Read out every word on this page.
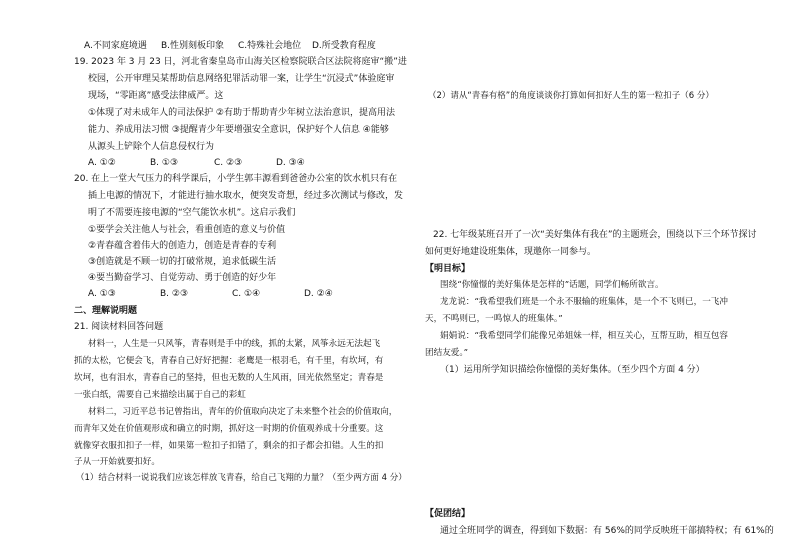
A.不同家庭境遇 B.性别刻板印象 C.特殊社会地位 D.所受教育程度
19. 2023 年 3 月 23 日，河北省秦皇岛市山海关区检察院联合区法院将庭审“搬”进
校园，公开审理吴某帮助信息网络犯罪活动罪一案，让学生“沉浸式”体验庭审
现场，“零距离”感受法律威严。这
①体现了对未成年人的司法保护 ②有助于帮助青少年树立法治意识，提高用法
能力、养成用法习惯 ③提醒青少年要增强安全意识，保护好个人信息 ④能够
从源头上铲除个人信息侵权行为
A. ①②	B. ①③	C. ②③	D. ③④
20. 在上一堂大气压力的科学课后，小学生郭丰源看到爸爸办公室的饮水机只有在
插上电源的情况下，才能进行抽水取水，便突发奇想，经过多次测试与修改，发
明了不需要连接电源的“空气能饮水机”。这启示我们
①要学会关注他人与社会，看重创造的意义与价值
②青春蕴含着伟大的创造力，创造是青春的专利
③创造就是不顾一切的打破常规，追求低碳生活
④要当勤奋学习、自觉劳动、勇于创造的好少年
A. ①③	B. ②③	C. ①④	D. ②④
二、理解说明题
21. 阅读材料回答问题
材料一，人生是一只风筝，青春则是手中的线，抓的太紧，风筝永远无法起飞
抓的太松，它便会飞，青春自己好好把握：老鹰是一根羽毛，有千里，有坎坷，有
坎坷，也有泪水，青春自己的坚持，但也无数的人生风雨，回光依然坚定；青春是
一张白纸，需要自己来描绘出属于自己的彩虹
材料二，习近平总书记曾指出，青年的价值取向决定了未来整个社会的价值取向，
而青年又处在价值观形成和确立的时期，抓好这一时期的价值观养成十分重要。这
就像穿衣服扣扣子一样，如果第一粒扣子扣错了，剩余的扣子都会扣错。人生的扣
子从一开始就要扣好。
（1）结合材料一说说我们应该怎样放飞青春，给自己飞翔的力量？（至少两方面 4 分）
（2）请从“青春有格”的角度谈谈你打算如何扣好人生的第一粒扣子（6 分）
22. 七年级某班召开了一次“美好集体有我在”的主题班会，围绕以下三个环节探讨
如何更好地建设班集体，现邀你一同参与。
【明目标】
围绕“你憧憬的美好集体是怎样的”话题，同学们畅所欲言。
龙龙说：“我希望我们班是一个永不服输的班集体，是一个不飞则已，一飞冲
天，不鸣则已，一鸣惊人的班集体。”
娟娟说：“我希望同学们能像兄弟姐妹一样，相互关心，互帮互助，相互包容
团结友爱。”
（1）运用所学知识描绘你憧憬的美好集体。（至少四个方面 4 分）
【促团结】
通过全班同学的调查，得到如下数据：有 56%的同学反映班干部搞特权；有 61%的
